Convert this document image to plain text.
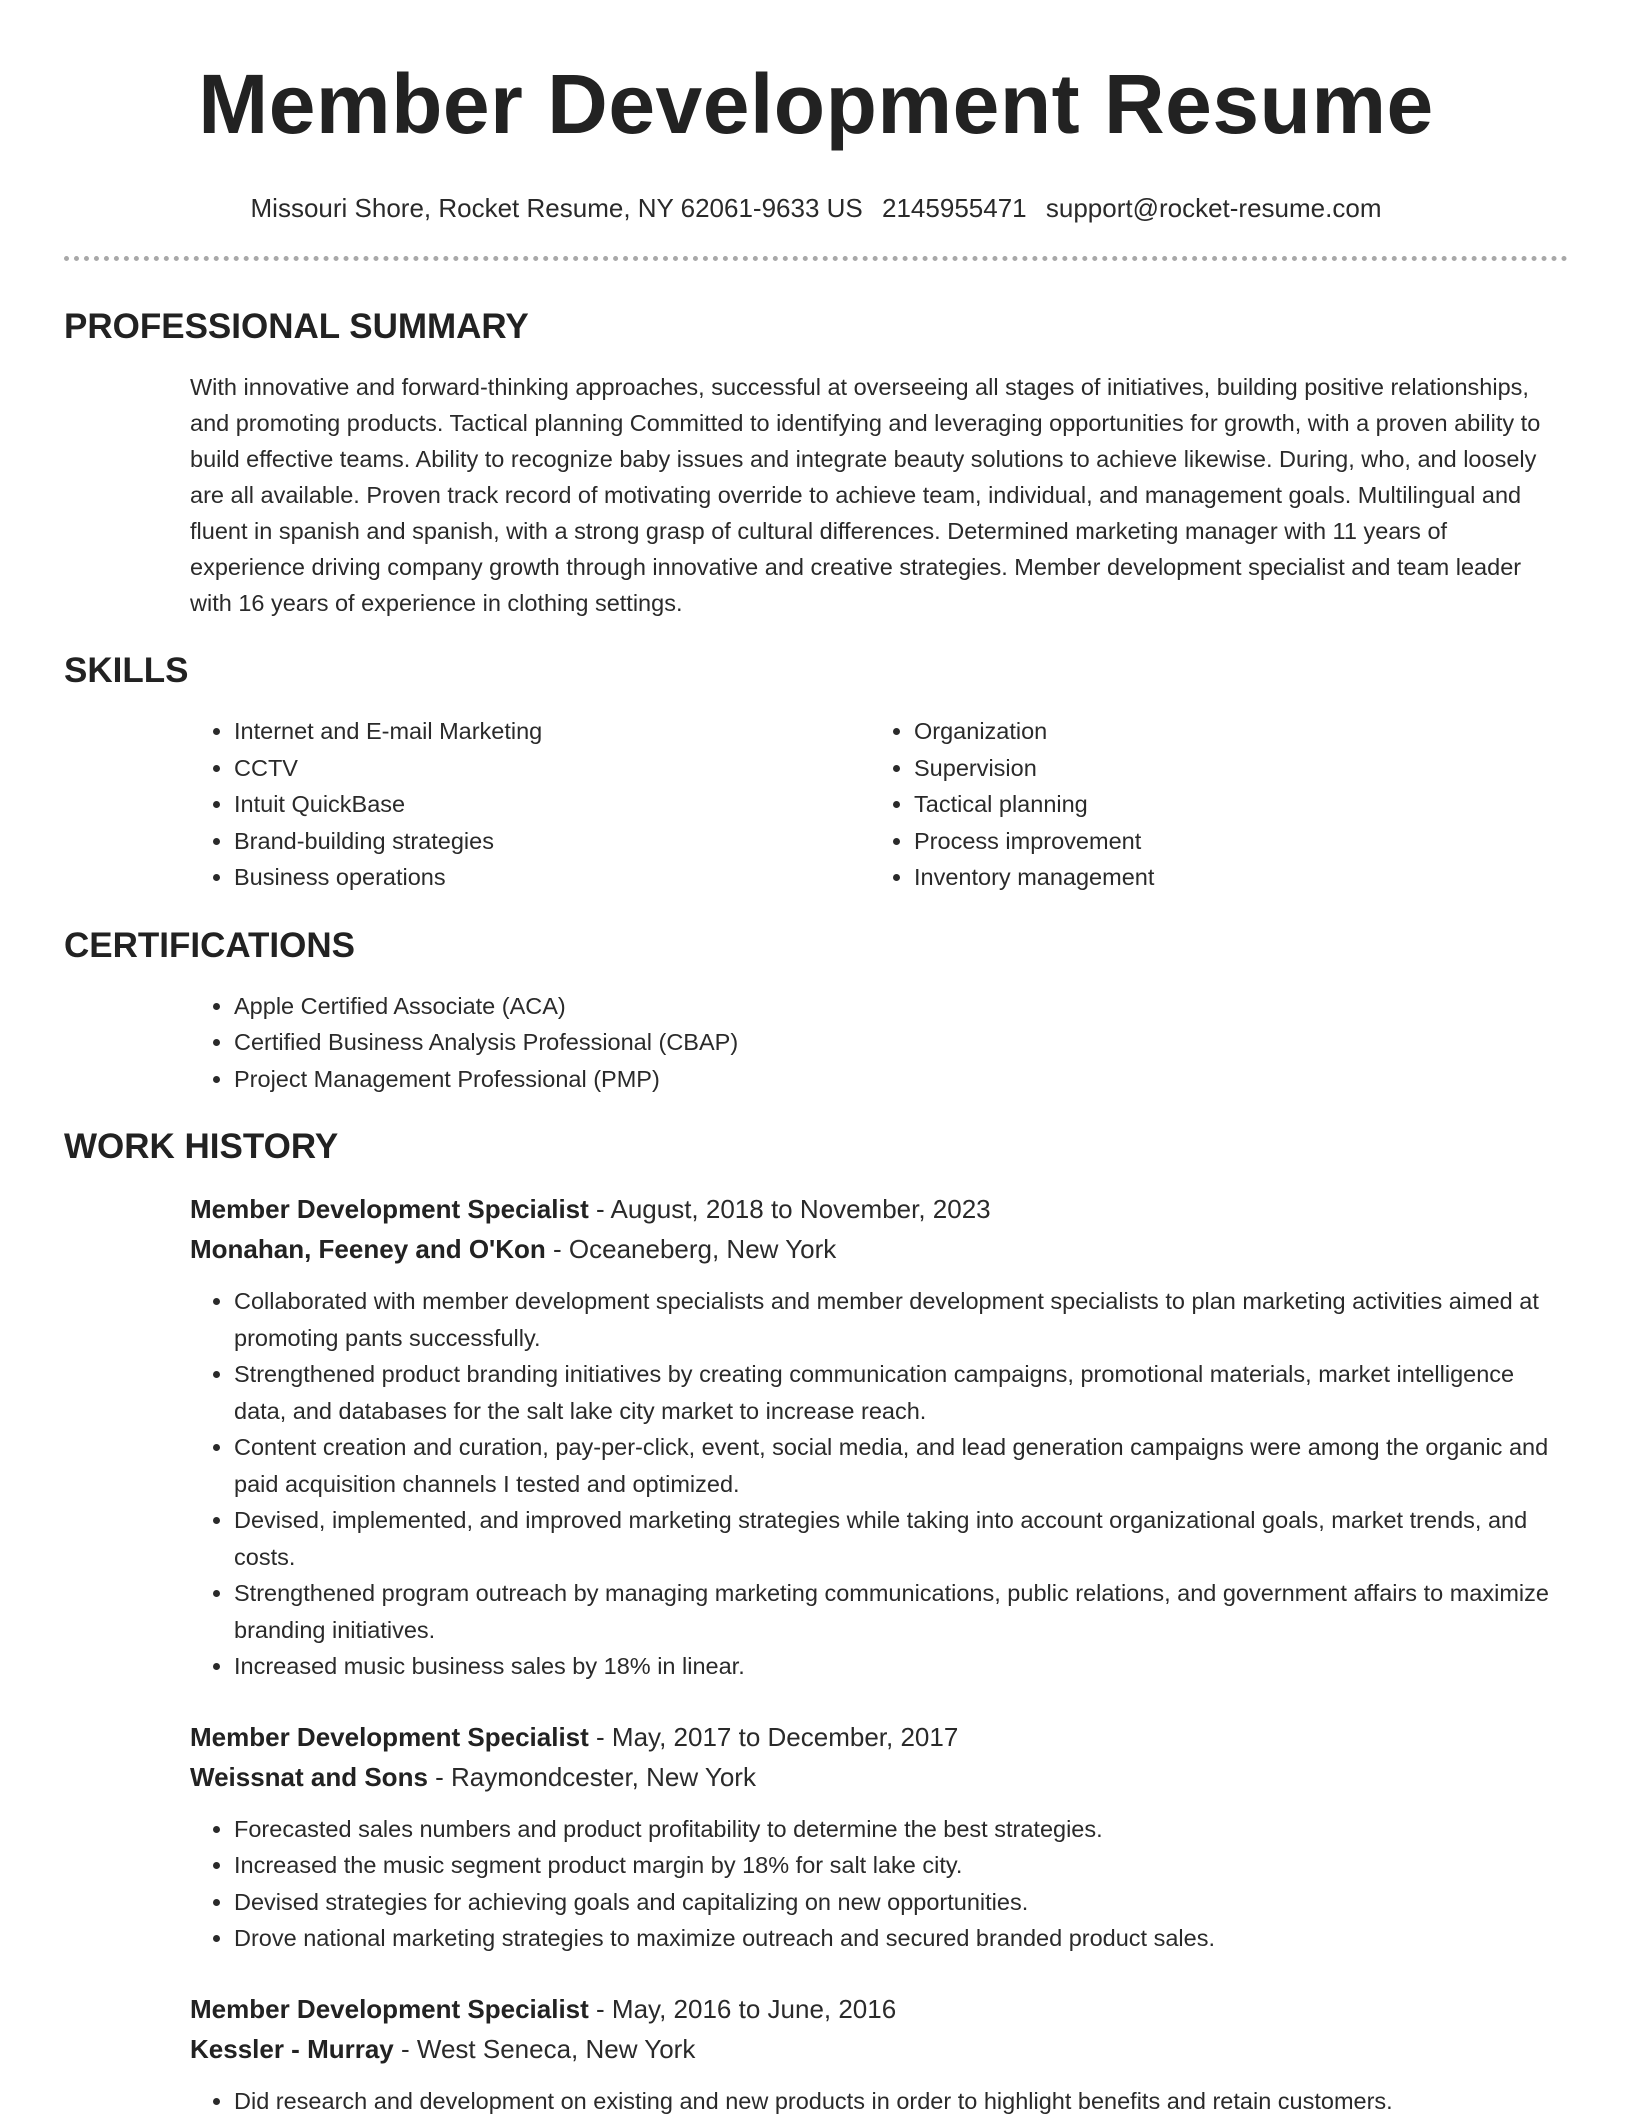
Member Development Resume
Missouri Shore, Rocket Resume, NY 62061-9633 US 2145955471 support@rocket-resume.com
PROFESSIONAL SUMMARY

With innovative and forward-thinking approaches, successful at overseeing all stages of initiatives, building positive relationships, and promoting products. Tactical planning Committed to identifying and leveraging opportunities for growth, with a proven ability to build effective teams. Ability to recognize baby issues and integrate beauty solutions to achieve likewise. During, who, and loosely are all available. Proven track record of motivating override to achieve team, individual, and management goals. Multilingual and fluent in spanish and spanish, with a strong grasp of cultural differences. Determined marketing manager with 11 years of experience driving company growth through innovative and creative strategies. Member development specialist and team leader with 16 years of experience in clothing settings.

SKILLS
• Internet and E-mail Marketing
• CCTV
• Intuit QuickBase
• Brand-building strategies
• Business operations
• Organization
• Supervision
• Tactical planning
• Process improvement
• Inventory management
CERTIFICATIONS
• Apple Certified Associate (ACA)
• Certified Business Analysis Professional (CBAP)
• Project Management Professional (PMP)
WORK HISTORY
Member Development Specialist - August, 2018 to November, 2023
Monahan, Feeney and O'Kon - Oceaneberg, New York
• Collaborated with member development specialists and member development specialists to plan marketing activities aimed at promoting pants successfully.
• Strengthened product branding initiatives by creating communication campaigns, promotional materials, market intelligence data, and databases for the salt lake city market to increase reach.
• Content creation and curation, pay-per-click, event, social media, and lead generation campaigns were among the organic and paid acquisition channels I tested and optimized.
• Devised, implemented, and improved marketing strategies while taking into account organizational goals, market trends, and costs.
• Strengthened program outreach by managing marketing communications, public relations, and government affairs to maximize branding initiatives.
• Increased music business sales by 18% in linear.
Member Development Specialist - May, 2017 to December, 2017
Weissnat and Sons - Raymondcester, New York
• Forecasted sales numbers and product profitability to determine the best strategies.
• Increased the music segment product margin by 18% for salt lake city.
• Devised strategies for achieving goals and capitalizing on new opportunities.
• Drove national marketing strategies to maximize outreach and secured branded product sales.
Member Development Specialist - May, 2016 to June, 2016
Kessler - Murray - West Seneca, New York
• Did research and development on existing and new products in order to highlight benefits and retain customers.
